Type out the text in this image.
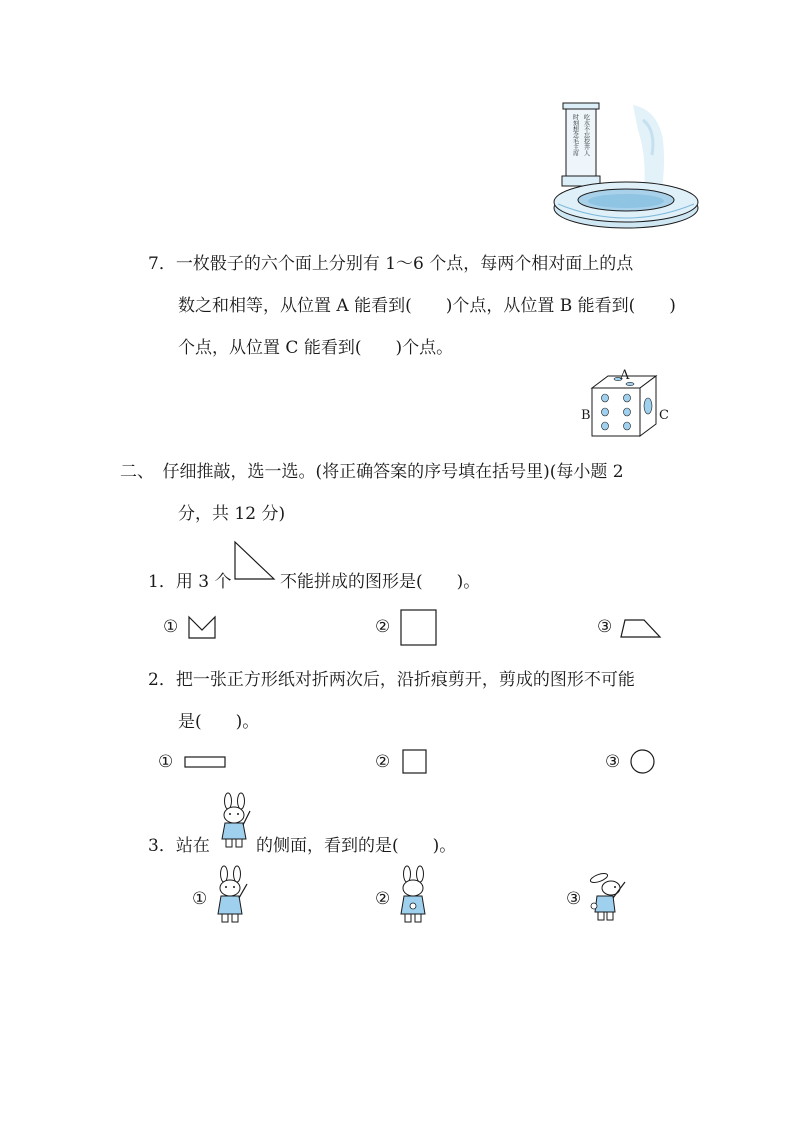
时刻想念毛主席 吃水不忘挖井人
7．一枚骰子的六个面上分别有 1～6 个点，每两个相对面上的点
数之和相等，从位置 A 能看到(　　)个点，从位置 B 能看到(　　)
个点，从位置 C 能看到(　　)个点。
A
B	C
二、　仔细推敲，选一选。(将正确答案的序号填在括号里)(每小题 2
分，共 12 分)
1．用 3 个	不能拼成的图形是(　　)。
①	②	③
2．把一张正方形纸对折两次后，沿折痕剪开，剪成的图形不可能
是(　　)。
①	②	③
3．站在	的侧面，看到的是(　　)。
①	②	③
